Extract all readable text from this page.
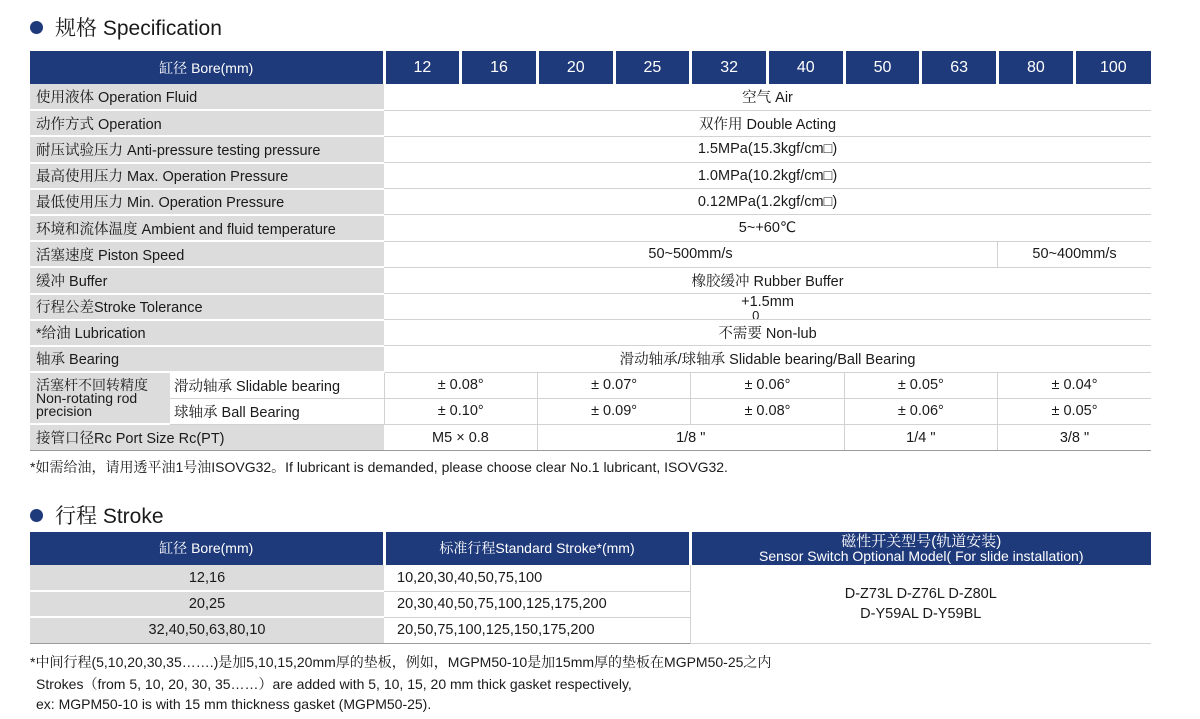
规格 Specification
缸径 Bore(mm)		12	16	20	25	32	40	50	63	80	100
使用液体 Operation Fluid		空气 Air									
动作方式 Operation		双作用 Double Acting									
耐压试验压力 Anti-pressure testing pressure		1.5MPa(15.3kgf/cm□)									
最高使用压力 Max. Operation Pressure		1.0MPa(10.2kgf/cm□)									
最低使用压力 Min. Operation Pressure		0.12MPa(1.2kgf/cm□)									
环境和流体温度 Ambient and fluid temperature		5~+60℃									
活塞速度 Piston Speed		50~500mm/s								50~400mm/s	
缓冲 Buffer		橡胶缓冲 Rubber Buffer									
行程公差Stroke Tolerance		+1.5mm
0									

*给油 Lubrication		不需要 Non-lub									
轴承 Bearing		滑动轴承/球轴承 Slidable bearing/Ball Bearing									
活塞杆不回转精度
Non-rotating rod precision	滑动轴承 Slidable bearing	± 0.08°		± 0.07°		± 0.06°		± 0.05°		± 0.04°	
	球轴承 Ball Bearing	± 0.10°		± 0.09°		± 0.08°		± 0.06°		± 0.05°	
接管口径Rc Port Size Rc(PT)		M5 × 0.8		1/8 "				1/4 "		3/8 "	
*如需给油，请用透平油1号油ISOVG32。If lubricant is demanded, please choose clear No.1 lubricant, ISOVG32.
行程 Stroke
缸径 Bore(mm)	标准行程Standard Stroke*(mm)	磁性开关型号(轨道安装)
Sensor Switch Optional Model( For slide installation)
12,16	10,20,30,40,50,75,100	D-Z73L D-Z76L D-Z80L
D-Y59AL D-Y59BL
20,25	20,30,40,50,75,100,125,175,200	
32,40,50,63,80,10	20,50,75,100,125,150,175,200	
*中间行程(5,10,20,30,35…….)是加5,10,15,20mm厚的垫板，例如，MGPM50-10是加15mm厚的垫板在MGPM50-25之内
Strokes（from 5, 10, 20, 30, 35……）are added with 5, 10, 15, 20 mm thick gasket respectively,
ex: MGPM50-10 is with 15 mm thickness gasket (MGPM50-25).
